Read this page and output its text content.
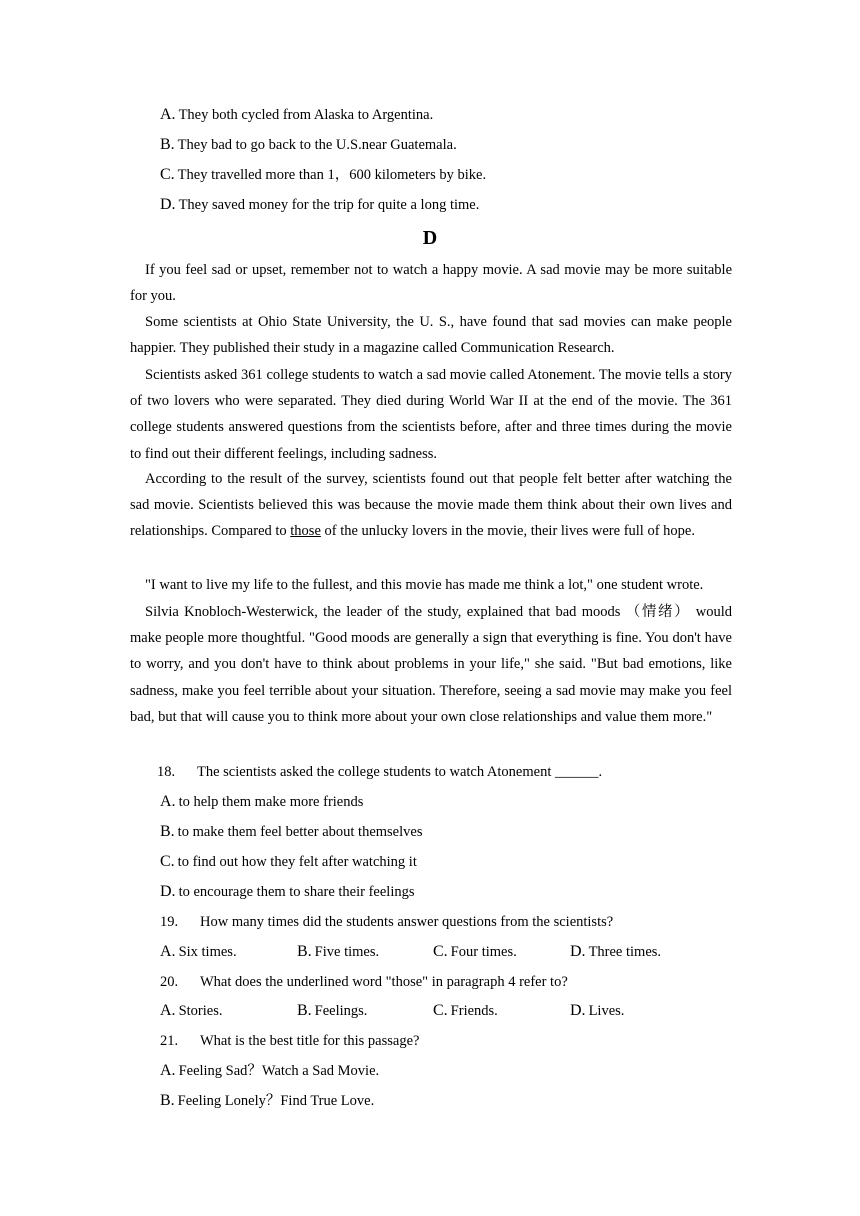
A. They both cycled from Alaska to Argentina.
B. They bad to go back to the U.S.near Guatemala.
C. They travelled more than 1，600 kilometers by bike.
D. They saved money for the trip for quite a long time.
D
If you feel sad or upset, remember not to watch a happy movie. A sad movie may be more suitable for you.
Some scientists at Ohio State University, the U. S., have found that sad movies can make people happier. They published their study in a magazine called Communication Research.
Scientists asked 361 college students to watch a sad movie called Atonement. The movie tells a story of two lovers who were separated. They died during World War II at the end of the movie. The 361 college students answered questions from the scientists before, after and three times during the movie to find out their different feelings, including sadness.
According to the result of the survey, scientists found out that people felt better after watching the sad movie. Scientists believed this was because the movie made them think about their own lives and relationships. Compared to those of the unlucky lovers in the movie, their lives were full of hope.
"I want to live my life to the fullest, and this movie has made me think a lot," one student wrote.
Silvia Knobloch-Westerwick, the leader of the study, explained that bad moods （情绪） would make people more thoughtful. "Good moods are generally a sign that everything is fine. You don't have to worry, and you don't have to think about problems in your life," she said. "But bad emotions, like sadness, make you feel terrible about your situation. Therefore, seeing a sad movie may make you feel bad, but that will cause you to think more about your own close relationships and value them more."
18. The scientists asked the college students to watch Atonement ______.
A. to help them make more friends
B. to make them feel better about themselves
C. to find out how they felt after watching it
D. to encourage them to share their feelings
19. How many times did the students answer questions from the scientists?
A. Six times.	B. Five times.	C. Four times.	D. Three times.
20. What does the underlined word "those" in paragraph 4 refer to?
A. Stories.	B. Feelings.	C. Friends.	D. Lives.
21. What is the best title for this passage?
A. Feeling Sad？Watch a Sad Movie.
B. Feeling Lonely？Find True Love.
